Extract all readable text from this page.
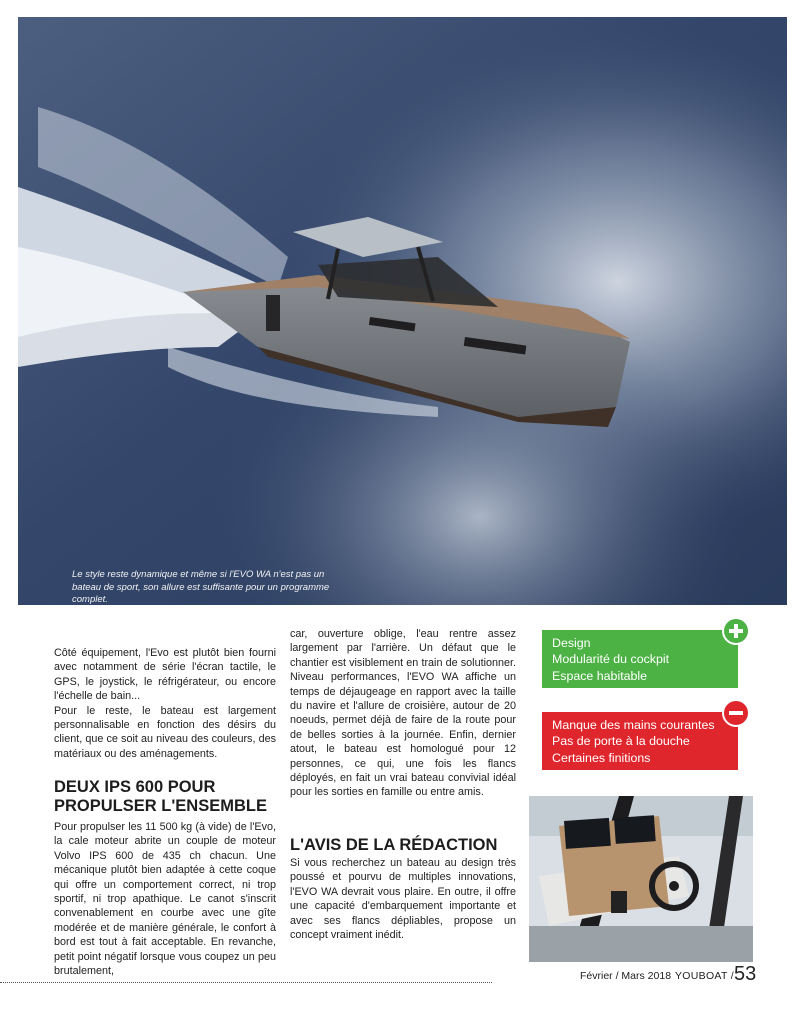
Le style reste dynamique et même si l'EVO WA n'est pas un bateau de sport, son allure est suffisante pour un programme complet.

Côté équipement, l'Evo est plutôt bien fourni avec notamment de série l'écran tactile, le GPS, le joystick, le réfrigérateur, ou encore l'échelle de bain...

Pour le reste, le bateau est largement personnalisable en fonction des désirs du client, que ce soit au niveau des couleurs, des matériaux ou des aménagements.

DEUX IPS 600 POUR PROPULSER L'ENSEMBLE

Pour propulser les 11 500 kg (à vide) de l'Evo, la cale moteur abrite un couple de moteur Volvo IPS 600 de 435 ch chacun. Une mécanique plutôt bien adaptée à cette coque qui offre un comportement correct, ni trop sportif, ni trop apathique. Le canot s'inscrit convenablement en courbe avec une gîte modérée et de manière générale, le confort à bord est tout à fait acceptable. En revanche, petit point négatif lorsque vous coupez un peu brutalement,

car, ouverture oblige, l'eau rentre assez largement par l'arrière. Un défaut que le chantier est visiblement en train de solutionner. Niveau performances, l'EVO WA affiche un temps de déjaugeage en rapport avec la taille du navire et l'allure de croisière, autour de 20 noeuds, permet déjà de faire de la route pour de belles sorties à la journée. Enfin, dernier atout, le bateau est homologué pour 12 personnes, ce qui, une fois les flancs déployés, en fait un vrai bateau convivial idéal pour les sorties en famille ou entre amis.

L'AVIS DE LA RÉDACTION

Si vous recherchez un bateau au design très poussé et pourvu de multiples innovations, l'EVO WA devrait vous plaire. En outre, il offre une capacité d'embarquement importante et avec ses flancs dépliables, propose un concept vraiment inédit.

Design
Modularité du cockpit
Espace habitable
Manque des mains courantes
Pas de porte à la douche
Certaines finitions
Février / Mars 2018 YOUBOAT / 53
